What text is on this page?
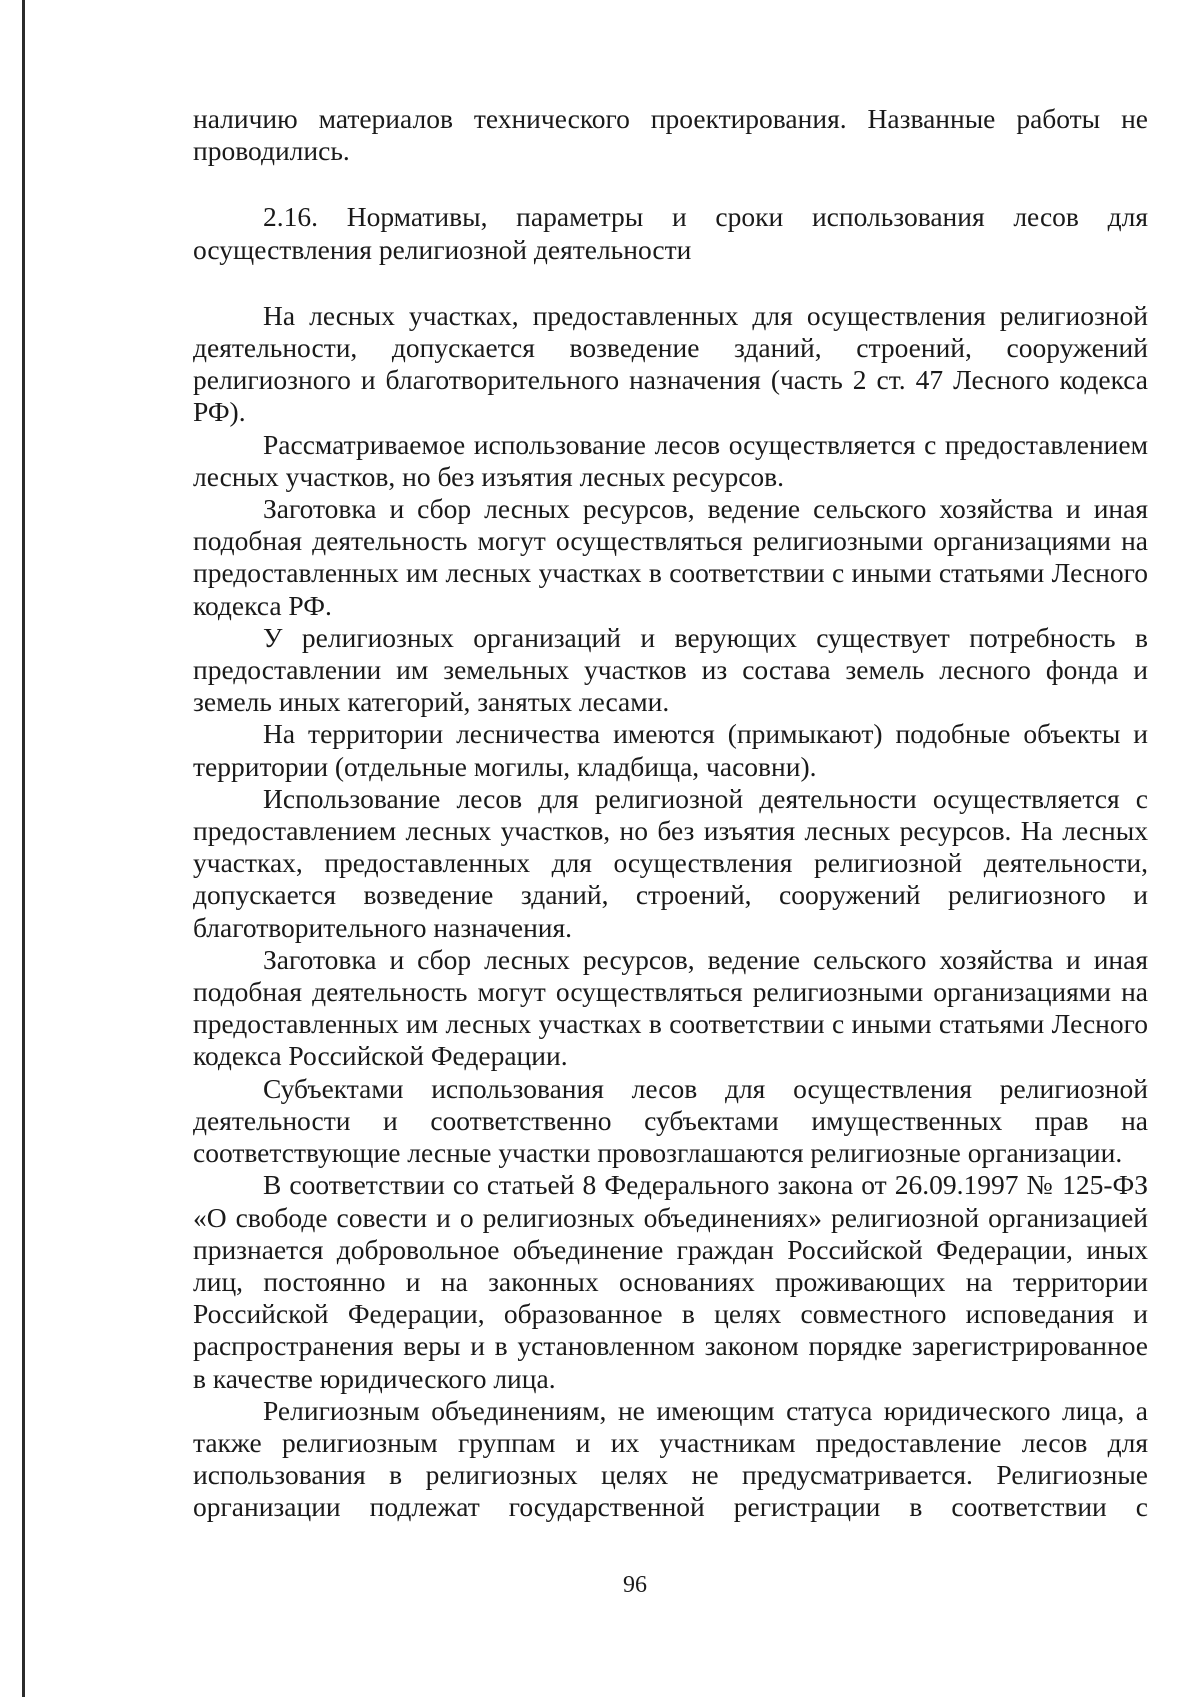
наличию материалов технического проектирования. Названные работы не проводились.

2.16. Нормативы, параметры и сроки использования лесов для осуществления религиозной деятельности

На лесных участках, предоставленных для осуществления религиозной деятельности, допускается возведение зданий, строений, сооружений религиозного и благотворительного назначения (часть 2 ст. 47 Лесного кодекса РФ).

Рассматриваемое использование лесов осуществляется с предоставлением лесных участков, но без изъятия лесных ресурсов.

Заготовка и сбор лесных ресурсов, ведение сельского хозяйства и иная подобная деятельность могут осуществляться религиозными организациями на предоставленных им лесных участках в соответствии с иными статьями Лесного кодекса РФ.

У религиозных организаций и верующих существует потребность в предоставлении им земельных участков из состава земель лесного фонда и земель иных категорий, занятых лесами.

На территории лесничества имеются (примыкают) подобные объекты и территории (отдельные могилы, кладбища, часовни).

Использование лесов для религиозной деятельности осуществляется с предоставлением лесных участков, но без изъятия лесных ресурсов. На лесных участках, предоставленных для осуществления религиозной деятельности, допускается возведение зданий, строений, сооружений религиозного и благотворительного назначения.

Заготовка и сбор лесных ресурсов, ведение сельского хозяйства и иная подобная деятельность могут осуществляться религиозными организациями на предоставленных им лесных участках в соответствии с иными статьями Лесного кодекса Российской Федерации.

Субъектами использования лесов для осуществления религиозной деятельности и соответственно субъектами имущественных прав на соответствующие лесные участки провозглашаются религиозные организации.

В соответствии со статьей 8 Федерального закона от 26.09.1997 № 125-ФЗ «О свободе совести и о религиозных объединениях» религиозной организацией признается добровольное объединение граждан Российской Федерации, иных лиц, постоянно и на законных основаниях проживающих на территории Российской Федерации, образованное в целях совместного исповедания и распространения веры и в установленном законом порядке зарегистрированное в качестве юридического лица.

Религиозным объединениям, не имеющим статуса юридического лица, а также религиозным группам и их участникам предоставление лесов для использования в религиозных целях не предусматривается. Религиозные организации подлежат государственной регистрации в соответствии с

96
